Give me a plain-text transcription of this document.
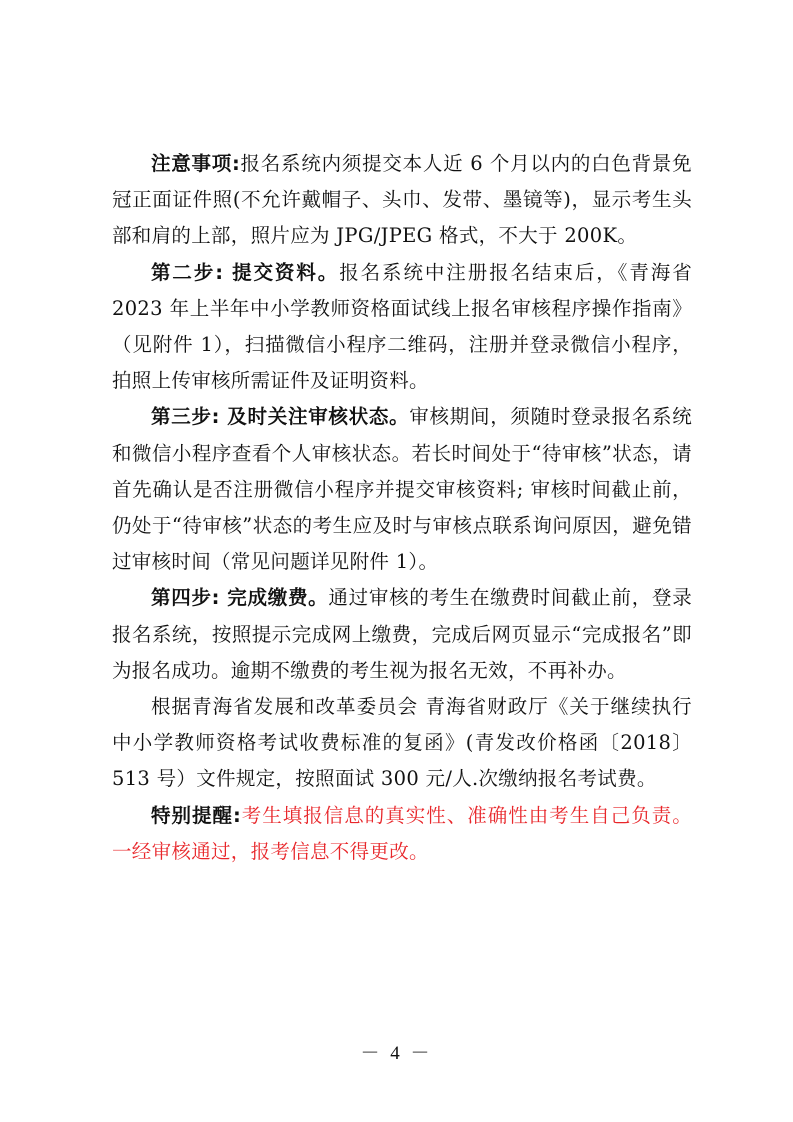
注意事项:报名系统内须提交本人近 6 个月以内的白色背景免冠正面证件照(不允许戴帽子、头巾、发带、墨镜等)，显示考生头部和肩的上部，照片应为 JPG/JPEG 格式，不大于 200K。

第二步: 提交资料。报名系统中注册报名结束后，《青海省 2023 年上半年中小学教师资格面试线上报名审核程序操作指南》（见附件 1），扫描微信小程序二维码，注册并登录微信小程序，拍照上传审核所需证件及证明资料。

第三步: 及时关注审核状态。审核期间，须随时登录报名系统和微信小程序查看个人审核状态。若长时间处于“待审核”状态，请首先确认是否注册微信小程序并提交审核资料; 审核时间截止前，仍处于“待审核”状态的考生应及时与审核点联系询问原因，避免错过审核时间（常见问题详见附件 1）。

第四步: 完成缴费。通过审核的考生在缴费时间截止前，登录报名系统，按照提示完成网上缴费，完成后网页显示“完成报名”即为报名成功。逾期不缴费的考生视为报名无效，不再补办。

根据青海省发展和改革委员会 青海省财政厅《关于继续执行中小学教师资格考试收费标准的复函》(青发改价格函〔2018〕513 号）文件规定，按照面试 300 元/人.次缴纳报名考试费。

特别提醒:考生填报信息的真实性、准确性由考生自己负责。一经审核通过，报考信息不得更改。

－ 4 －
